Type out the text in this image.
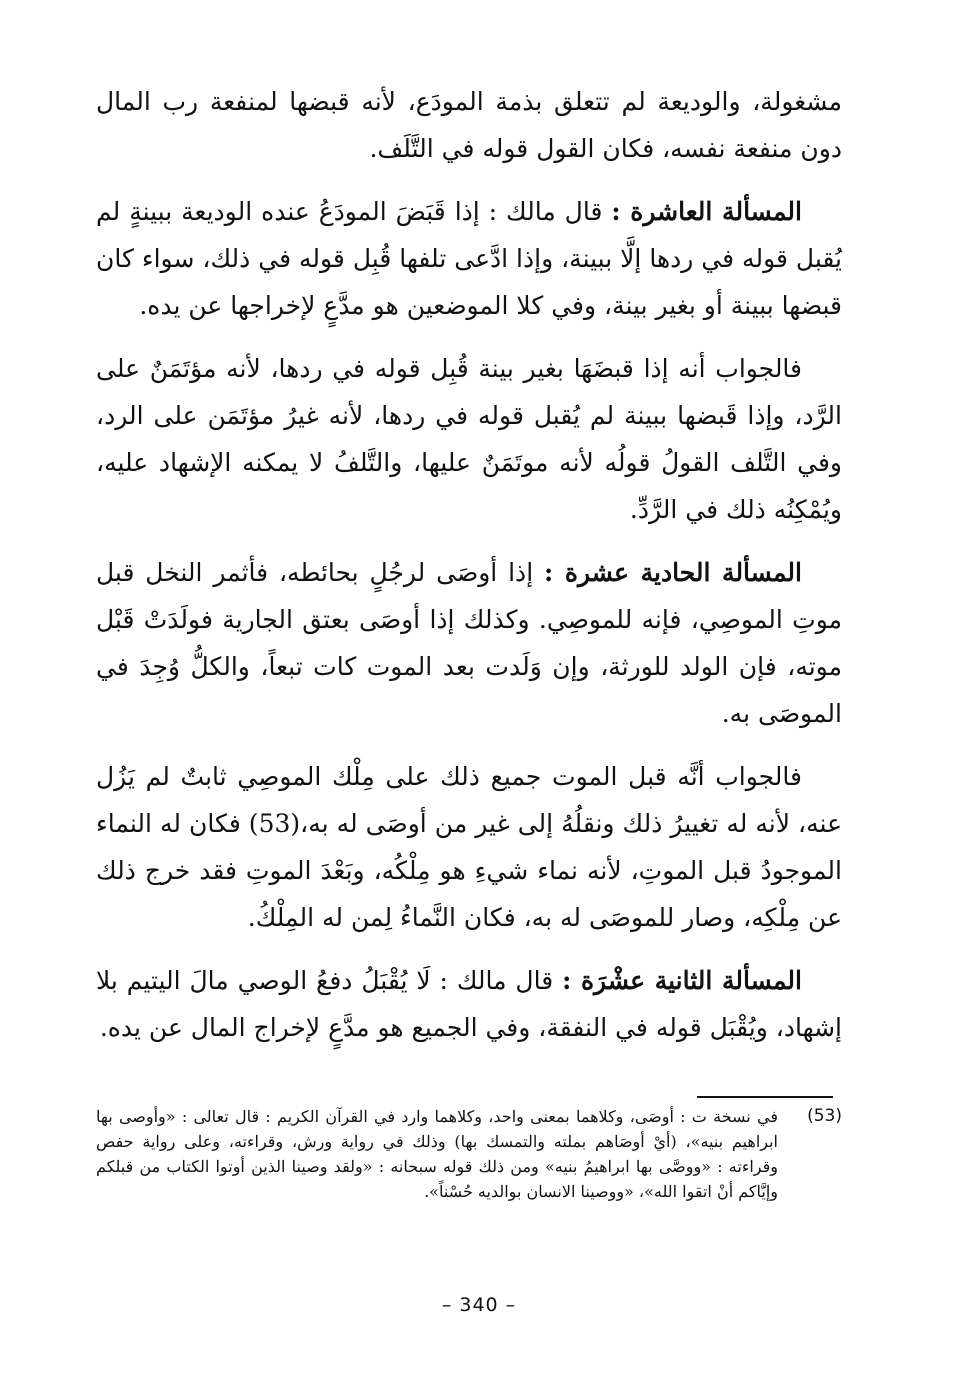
مشغولة، والوديعة لم تتعلق بذمة المودَع، لأنه قبضها لمنفعة رب المال دون منفعة نفسه، فكان القول قوله في التَّلَف.

المسألة العاشرة : قال مالك : إذا قَبَضَ المودَعُ عنده الوديعة ببينةٍ لم يُقبل قوله في ردها إلَّا ببينة، وإذا ادَّعى تلفها قُبِل قوله في ذلك، سواء كان قبضها ببينة أو بغير بينة، وفي كلا الموضعين هو مدَّعٍ لإخراجها عن يده.

فالجواب أنه إذا قبضَهَا بغير بينة قُبِل قوله في ردها، لأنه مؤتَمَنٌ على الرَّد، وإذا قَبضها ببينة لم يُقبل قوله في ردها، لأنه غيرُ مؤتَمَن على الرد، وفي التَّلف القولُ قولُه لأنه موتَمَنٌ عليها، والتَّلفُ لا يمكنه الإشهاد عليه، ويُمْكِنُه ذلك في الرَّدِّ.

المسألة الحادية عشرة : إذا أوصَى لرجُلٍ بحائطه، فأثمر النخل قبل موتِ الموصِي، فإنه للموصِي. وكذلك إذا أوصَى بعتق الجارية فولَدَتْ قَبْل موته، فإن الولد للورثة، وإن وَلَدت بعد الموت كات تبعاً، والكلُّ وُجِدَ في الموصَى به.

فالجواب أنَّه قبل الموت جميع ذلك على مِلْك الموصِي ثابتٌ لم يَزُل عنه، لأنه له تغييرُ ذلك ونقلُهُ إلى غير من أوصَى له به،(53) فكان له النماء الموجودُ قبل الموتِ، لأنه نماء شيءِ هو مِلْكُه، وبَعْدَ الموتِ فقد خرج ذلك عن مِلْكِه، وصار للموصَى له به، فكان النَّماءُ لِمن له المِلْكُ.

المسألة الثانية عشْرَة : قال مالك : لَا يُقْبَلُ دفعُ الوصي مالَ اليتيم بلا إشهاد، ويُقْبَل قوله في النفقة، وفي الجميع هو مدَّعٍ لإخراج المال عن يده.

(53)
في نسخة ت : أوصَى، وكلاهما بمعنى واحد، وكلاهما وارد في القرآن الكريم : قال تعالى : «وأوصى بها ابراهيم بنيه»، (أيْ أوصَاهم بملته والتمسك بها) وذلك في رواية ورش، وقراءته، وعلى رواية حفص وقراءته : «ووصَّى بها ابراهيمُ بنيه» ومن ذلك قوله سبحانه : «ولقد وصينا الذين أوتوا الكتاب من قبلكم وإيَّاكم أنْ اتقوا الله»، «ووصينا الانسان بوالديه حُسْناً».
– 340 –
